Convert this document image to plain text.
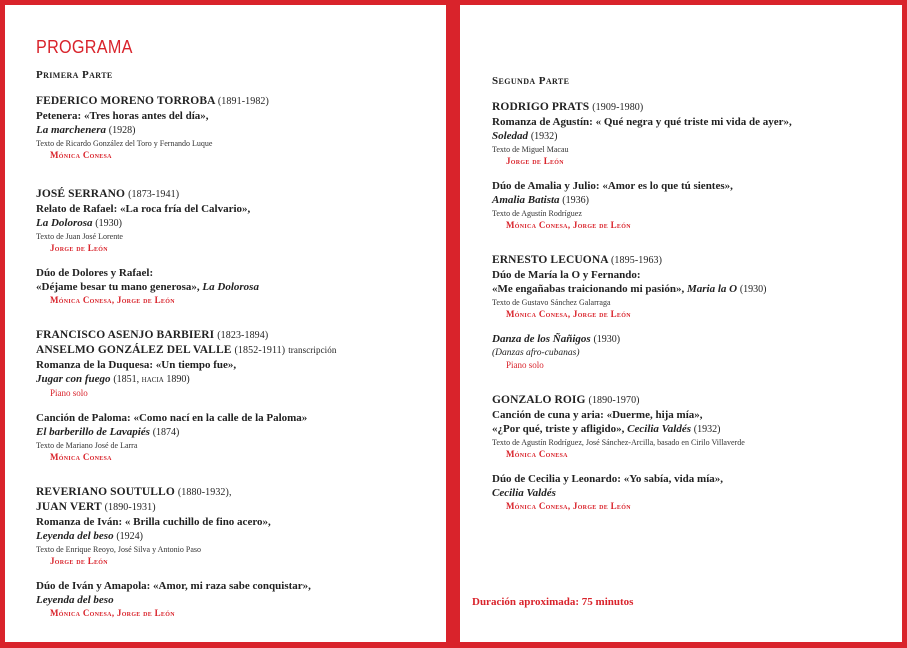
PROGRAMA
Primera Parte
FEDERICO MORENO TORROBA (1891-1982)
Petenera: «Tres horas antes del día»,
La marchenera (1928)
Texto de Ricardo González del Toro y Fernando Luque
Mónica Conesa
JOSÉ SERRANO (1873-1941)
Relato de Rafael: «La roca fría del Calvario»,
La Dolorosa (1930)
Texto de Juan José Lorente
Jorge de León
Dúo de Dolores y Rafael:
«Déjame besar tu mano generosa», La Dolorosa
Mónica Conesa, Jorge de León
FRANCISCO ASENJO BARBIERI (1823-1894)
ANSELMO GONZÁLEZ DEL VALLE (1852-1911) transcripción
Romanza de la Duquesa: «Un tiempo fue»,
Jugar con fuego (1851, hacia 1890)
Piano solo
Canción de Paloma: «Como nací en la calle de la Paloma»
El barberillo de Lavapiés (1874)
Texto de Mariano José de Larra
Mónica Conesa
REVERIANO SOUTULLO (1880-1932),
JUAN VERT (1890-1931)
Romanza de Iván: « Brilla cuchillo de fino acero»,
Leyenda del beso (1924)
Texto de Enrique Reoyo, José Silva y Antonio Paso
Jorge de León
Dúo de Iván y Amapola: «Amor, mi raza sabe conquistar»,
Leyenda del beso
Mónica Conesa, Jorge de León
Segunda Parte
RODRIGO PRATS (1909-1980)
Romanza de Agustín: « Qué negra y qué triste mi vida de ayer»,
Soledad (1932)
Texto de Miguel Macau
Jorge de León
Dúo de Amalia y Julio: «Amor es lo que tú sientes»,
Amalia Batista (1936)
Texto de Agustín Rodríguez
Mónica Conesa, Jorge de León
ERNESTO LECUONA (1895-1963)
Dúo de María la O y Fernando:
«Me engañabas traicionando mi pasión», Maria la O (1930)
Texto de Gustavo Sánchez Galarraga
Mónica Conesa, Jorge de León
Danza de los Ñañigos (1930)
(Danzas afro-cubanas)
Piano solo
GONZALO ROIG (1890-1970)
Canción de cuna y aria: «Duerme, hija mía»,
«¿Por qué, triste y afligido», Cecilia Valdés (1932)
Texto de Agustín Rodríguez, José Sánchez-Arcilla, basado en Cirilo Villaverde
Mónica Conesa
Dúo de Cecilia y Leonardo: «Yo sabía, vida mía»,
Cecilia Valdés
Mónica Conesa, Jorge de León
Duración aproximada: 75 minutos
